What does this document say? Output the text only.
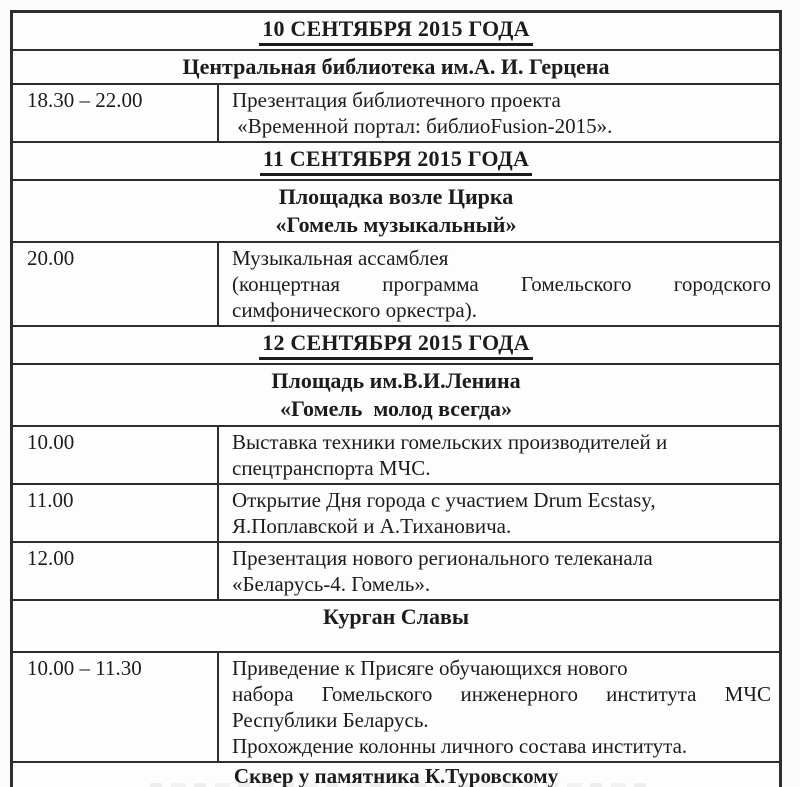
10 СЕНТЯБРЯ 2015 ГОДА
Центральная библиотека им.А. И. Герцена
18.30 – 22.00	Презентация библиотечного проекта
«Временной портал: библиоFusion-2015».
11 СЕНТЯБРЯ 2015 ГОДА
Площадка возле Цирка
«Гомель музыкальный»
20.00	Музыкальная ассамблея
(концертная программа Гомельского городского
симфонического оркестра).
12 СЕНТЯБРЯ 2015 ГОДА
Площадь им.В.И.Ленина
«Гомель  молод всегда»
10.00	Выставка техники гомельских производителей и
спецтранспорта МЧС.
11.00	Открытие Дня города с участием Drum Ecstasy,
Я.Поплавской и А.Тихановича.
12.00	Презентация нового регионального телеканала
«Беларусь-4. Гомель».
Курган Славы
10.00 – 11.30	Приведение к Присяге обучающихся нового
набора Гомельского инженерного института МЧС
Республики Беларусь.
Прохождение колонны личного состава института.
Сквер у памятника К.Туровскому
